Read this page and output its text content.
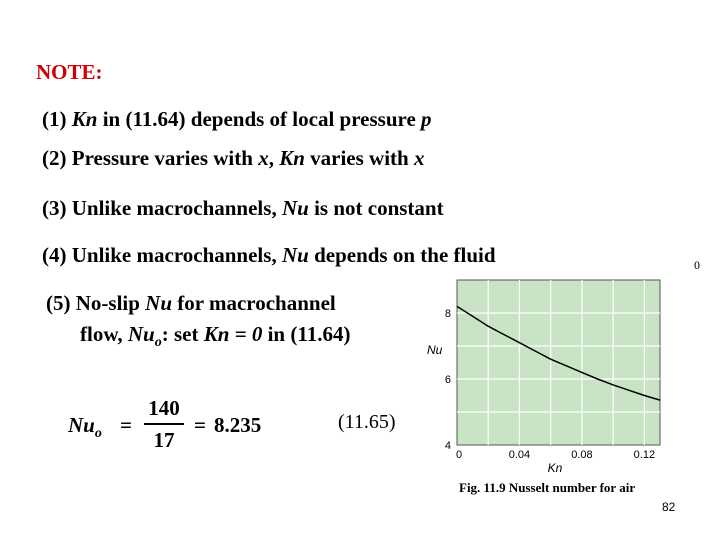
NOTE:
(1) Kn in (11.64) depends of local pressure p
(2) Pressure varies with x, Kn varies with x
(3) Unlike macrochannels, Nu is not constant
(4) Unlike macrochannels, Nu depends on the fluid
(5) No-slip Nu for macrochannel
flow, $Nu_o$: set Kn = 0 in (11.64)
$Nu_o$ =
140
17
= 8.235	(11.65)
0
0	0.04	0.08	0.12
4
6
8
Kn
Nu
Fig. 11.9 Nusselt number for air
82
